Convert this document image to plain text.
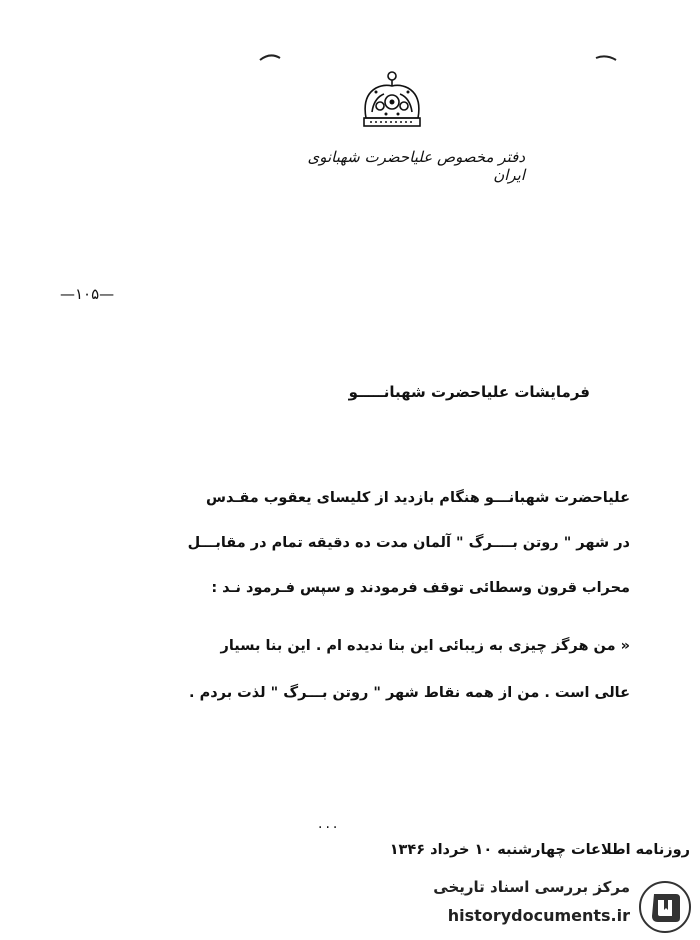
دفتر مخصوص علیاحضرت شهبانوی ایران
—۱۰۵—
فرمایشات علیاحضرت شهبانـــــو
علیاحضرت شهبانـــو هنگام بازدید از کلیسای یعقوب مقـدس
در شهر " روتن بــــرگ " آلمان مدت ده دقیقه تمام در مقابـــل
محراب قرون وسطائی توقف فرمودند و سپس فـرمود نـد :
« من هرگز چیزی به زیبائی این بنا ندیده ام . این بنا بسیار
عالی است . من از همه نقاط شهر " روتن بـــرگ " لذت بردم .
...
روزنامه اطلاعات چهارشنبه ۱۰ خرداد ۱۳۴۶
مرکز بررسی اسناد تاریخی
historydocuments.ir
